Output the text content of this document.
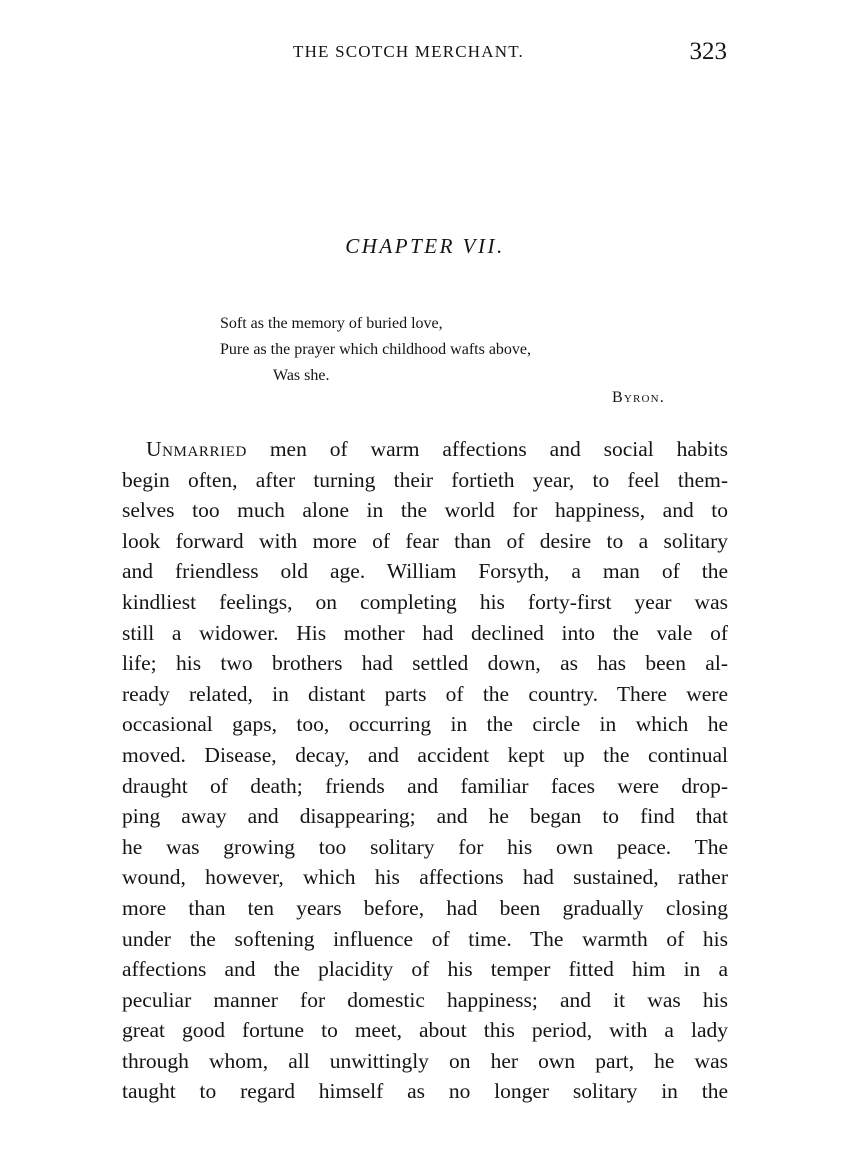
THE SCOTCH MERCHANT.	323
CHAPTER VII.
Soft as the memory of buried love,
Pure as the prayer which childhood wafts above,
Was she.
Byron.
Unmarried men of warm affections and social habits
begin often, after turning their fortieth year, to feel them-
selves too much alone in the world for happiness, and to
look forward with more of fear than of desire to a solitary
and friendless old age. William Forsyth, a man of the
kindliest feelings, on completing his forty-first year was
still a widower. His mother had declined into the vale of
life; his two brothers had settled down, as has been al-
ready related, in distant parts of the country. There were
occasional gaps, too, occurring in the circle in which he
moved. Disease, decay, and accident kept up the continual
draught of death; friends and familiar faces were drop-
ping away and disappearing; and he began to find that
he was growing too solitary for his own peace. The
wound, however, which his affections had sustained, rather
more than ten years before, had been gradually closing
under the softening influence of time. The warmth of his
affections and the placidity of his temper fitted him in a
peculiar manner for domestic happiness; and it was his
great good fortune to meet, about this period, with a lady
through whom, all unwittingly on her own part, he was
taught to regard himself as no longer solitary in the
